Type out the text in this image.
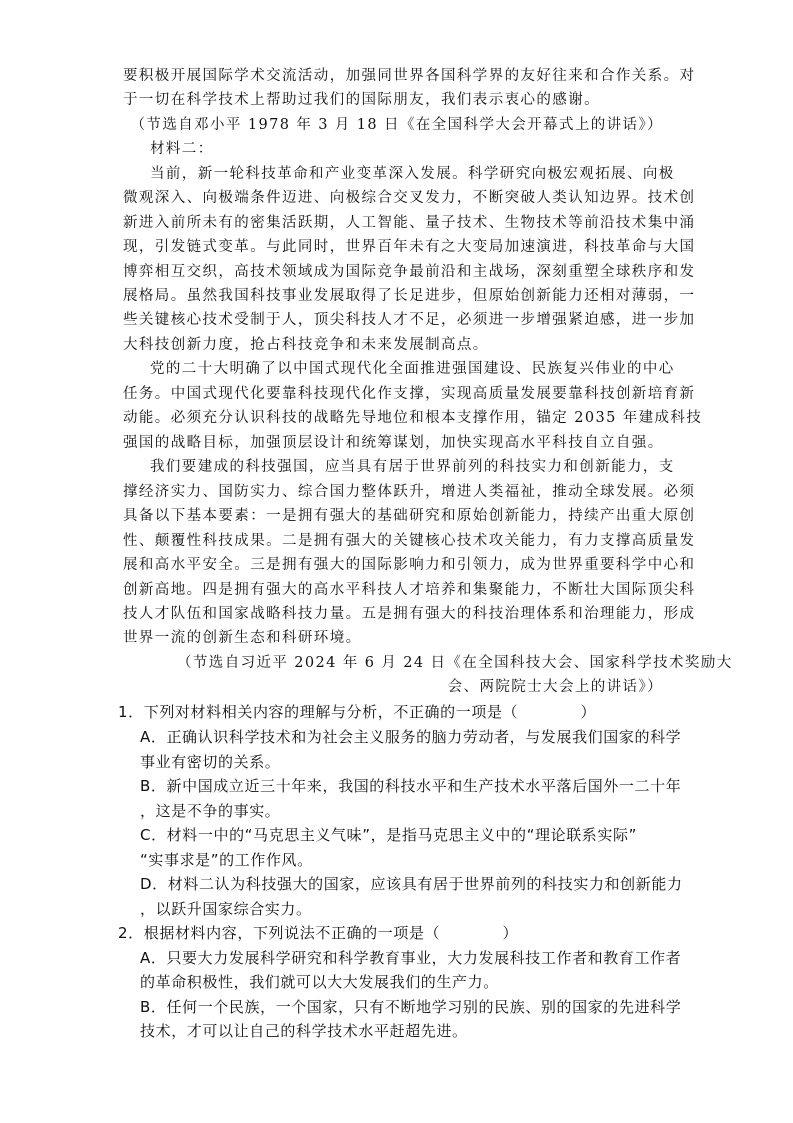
要积极开展国际学术交流活动，加强同世界各国科学界的友好往来和合作关系。对
于一切在科学技术上帮助过我们的国际朋友，我们表示衷心的感谢。
（节选自邓小平 1978 年 3 月 18 日《在全国科学大会开幕式上的讲话》）
材料二：
当前，新一轮科技革命和产业变革深入发展。科学研究向极宏观拓展、向极
微观深入、向极端条件迈进、向极综合交叉发力，不断突破人类认知边界。技术创
新进入前所未有的密集活跃期，人工智能、量子技术、生物技术等前沿技术集中涌
现，引发链式变革。与此同时，世界百年未有之大变局加速演进，科技革命与大国
博弈相互交织，高技术领域成为国际竞争最前沿和主战场，深刻重塑全球秩序和发
展格局。虽然我国科技事业发展取得了长足进步，但原始创新能力还相对薄弱，一
些关键核心技术受制于人，顶尖科技人才不足，必须进一步增强紧迫感，进一步加
大科技创新力度，抢占科技竞争和未来发展制高点。
党的二十大明确了以中国式现代化全面推进强国建设、民族复兴伟业的中心
任务。中国式现代化要靠科技现代化作支撑，实现高质量发展要靠科技创新培育新
动能。必须充分认识科技的战略先导地位和根本支撑作用，锚定 2035 年建成科技
强国的战略目标，加强顶层设计和统筹谋划，加快实现高水平科技自立自强。
我们要建成的科技强国，应当具有居于世界前列的科技实力和创新能力，支
撑经济实力、国防实力、综合国力整体跃升，增进人类福祉，推动全球发展。必须
具备以下基本要素：一是拥有强大的基础研究和原始创新能力，持续产出重大原创
性、颠覆性科技成果。二是拥有强大的关键核心技术攻关能力，有力支撑高质量发
展和高水平安全。三是拥有强大的国际影响力和引领力，成为世界重要科学中心和
创新高地。四是拥有强大的高水平科技人才培养和集聚能力，不断壮大国际顶尖科
技人才队伍和国家战略科技力量。五是拥有强大的科技治理体系和治理能力，形成
世界一流的创新生态和科研环境。
（节选自习近平 2024 年 6 月 24 日《在全国科技大会、国家科学技术奖励大
会、两院院士大会上的讲话》）
1．下列对材料相关内容的理解与分析，不正确的一项是（　　　　）
A．正确认识科学技术和为社会主义服务的脑力劳动者，与发展我们国家的科学
事业有密切的关系。
B．新中国成立近三十年来，我国的科技水平和生产技术水平落后国外一二十年
，这是不争的事实。
C．材料一中的“马克思主义气味”，是指马克思主义中的“理论联系实际”
“实事求是”的工作作风。
D．材料二认为科技强大的国家，应该具有居于世界前列的科技实力和创新能力
，以跃升国家综合实力。
2．根据材料内容，下列说法不正确的一项是（　　　　）
A．只要大力发展科学研究和科学教育事业，大力发展科技工作者和教育工作者
的革命积极性，我们就可以大大发展我们的生产力。
B．任何一个民族，一个国家，只有不断地学习别的民族、别的国家的先进科学
技术，才可以让自己的科学技术水平赶超先进。
